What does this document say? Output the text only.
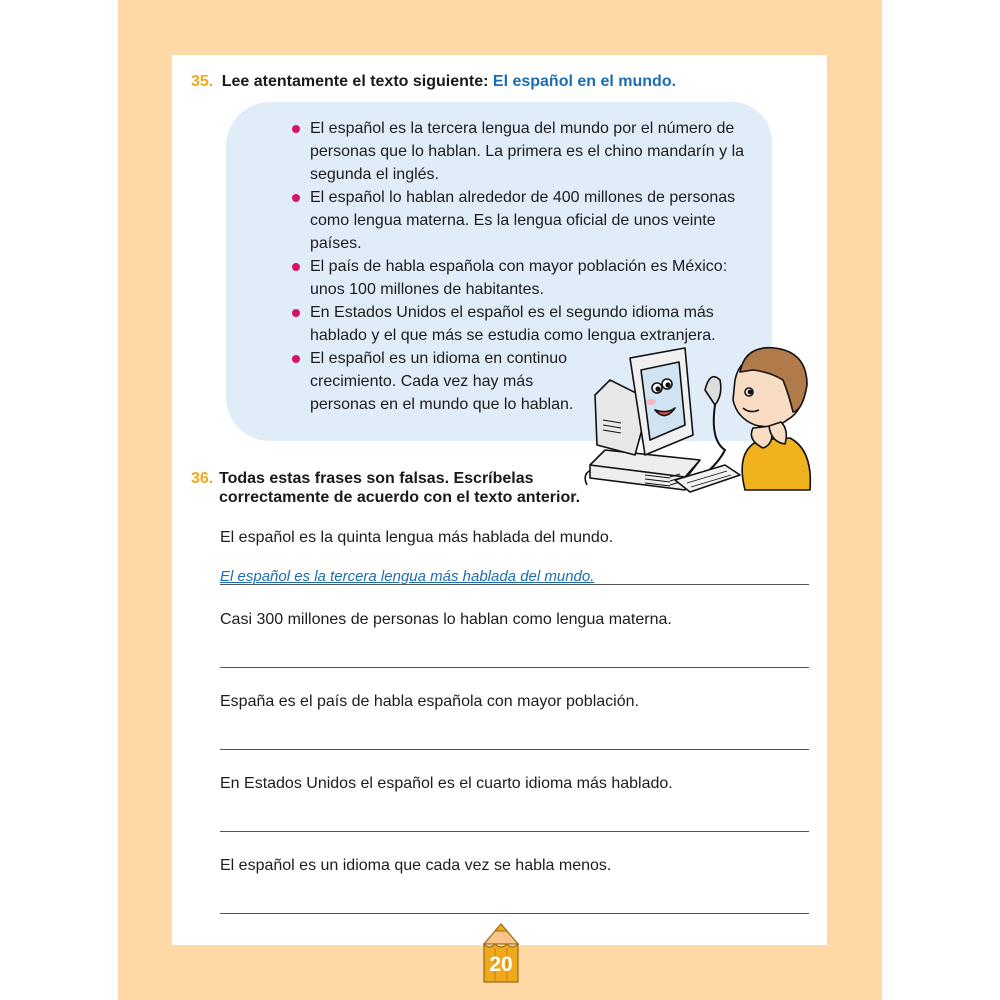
35. Lee atentamente el texto siguiente: El español en el mundo.
El español es la tercera lengua del mundo por el número de personas que lo hablan. La primera es el chino mandarín y la segunda el inglés.
El español lo hablan alrededor de 400 millones de personas como lengua materna. Es la lengua oficial de unos veinte países.
El país de habla española con mayor población es México: unos 100 millones de habitantes.
En Estados Unidos el español es el segundo idioma más hablado y el que más se estudia como lengua extranjera.
El español es un idioma en continuo crecimiento. Cada vez hay más personas en el mundo que lo hablan.
36. Todas estas frases son falsas. Escríbelas correctamente de acuerdo con el texto anterior.
El español es la quinta lengua más hablada del mundo.
El español es la tercera lengua más hablada del mundo.
Casi 300 millones de personas lo hablan como lengua materna.
España es el país de habla española con mayor población.
En Estados Unidos el español es el cuarto idioma más hablado.
El español es un idioma que cada vez se habla menos.
20
